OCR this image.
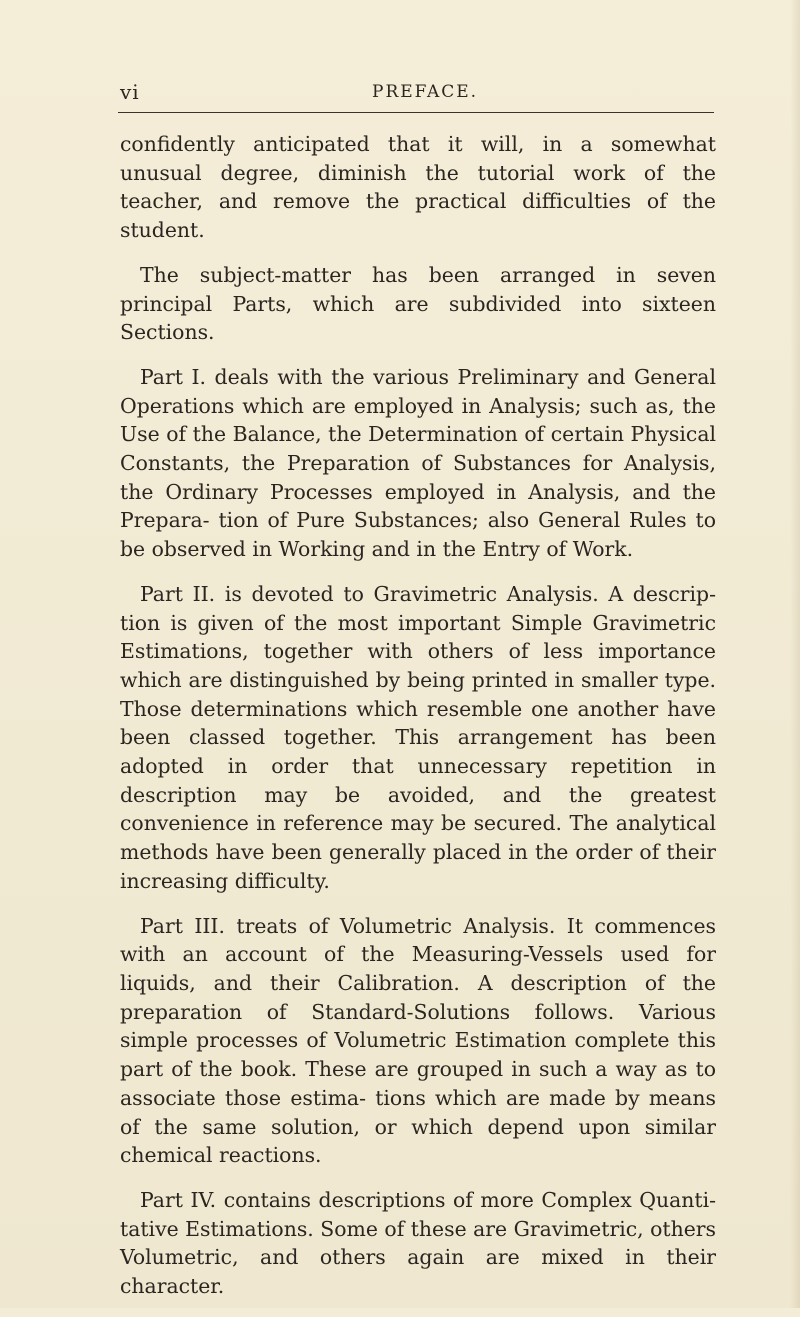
vi	PREFACE.

confidently anticipated that it will, in a somewhat unusual degree, diminish the tutorial work of the teacher, and remove the practical difficulties of the student.

The subject-matter has been arranged in seven principal Parts, which are subdivided into sixteen Sections.

Part I. deals with the various Preliminary and General Operations which are employed in Analysis; such as, the Use of the Balance, the Determination of certain Physical Constants, the Preparation of Substances for Analysis, the Ordinary Processes employed in Analysis, and the Prepara- tion of Pure Substances; also General Rules to be observed in Working and in the Entry of Work.

Part II. is devoted to Gravimetric Analysis. A descrip- tion is given of the most important Simple Gravimetric Estimations, together with others of less importance which are distinguished by being printed in smaller type. Those determinations which resemble one another have been classed together. This arrangement has been adopted in order that unnecessary repetition in description may be avoided, and the greatest convenience in reference may be secured. The analytical methods have been generally placed in the order of their increasing difficulty.

Part III. treats of Volumetric Analysis. It commences with an account of the Measuring-Vessels used for liquids, and their Calibration. A description of the preparation of Standard-Solutions follows. Various simple processes of Volumetric Estimation complete this part of the book. These are grouped in such a way as to associate those estima- tions which are made by means of the same solution, or which depend upon similar chemical reactions.

Part IV. contains descriptions of more Complex Quanti- tative Estimations. Some of these are Gravimetric, others Volumetric, and others again are mixed in their character.
